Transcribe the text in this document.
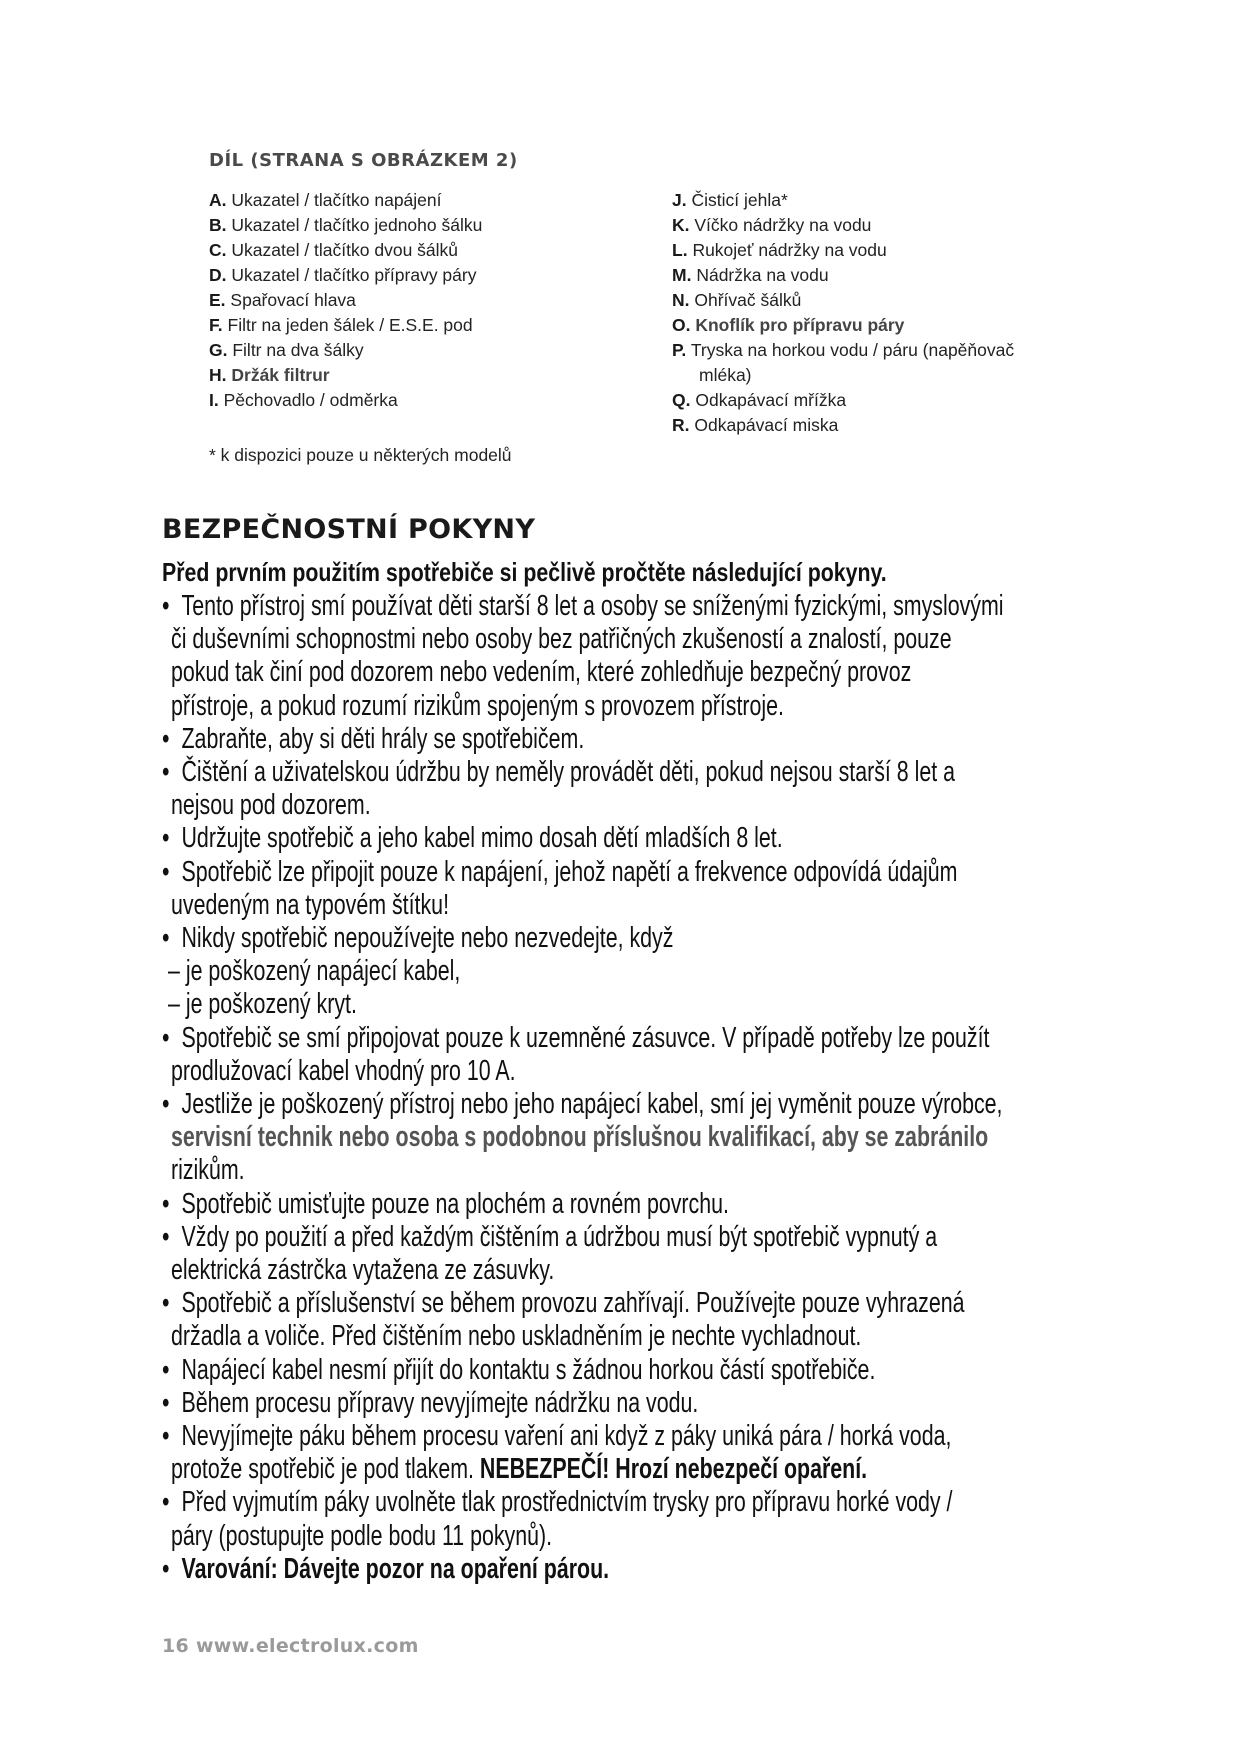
DÍL (STRANA S OBRÁZKEM 2)
A. Ukazatel / tlačítko napájení
B. Ukazatel / tlačítko jednoho šálku
C. Ukazatel / tlačítko dvou šálků
D. Ukazatel / tlačítko přípravy páry
E. Spařovací hlava
F. Filtr na jeden šálek / E.S.E. pod
G. Filtr na dva šálky
H. Držák filtrur
I. Pěchovadlo / odměrka
J. Čisticí jehla*
K. Víčko nádržky na vodu
L. Rukojeť nádržky na vodu
M. Nádržka na vodu
N. Ohřívač šálků
O. Knoflík pro přípravu páry
P. Tryska na horkou vodu / páru (napěňovač
mléka)
Q. Odkapávací mřížka
R. Odkapávací miska
* k dispozici pouze u některých modelů
BEZPEČNOSTNÍ POKYNY
Před prvním použitím spotřebiče si pečlivě pročtěte následující pokyny.
• Tento přístroj smí používat děti starší 8 let a osoby se sníženými fyzickými, smyslovými
či duševními schopnostmi nebo osoby bez patřičných zkušeností a znalostí, pouze
pokud tak činí pod dozorem nebo vedením, které zohledňuje bezpečný provoz
přístroje, a pokud rozumí rizikům spojeným s provozem přístroje.
• Zabraňte, aby si děti hrály se spotřebičem.
• Čištění a uživatelskou údržbu by neměly provádět děti, pokud nejsou starší 8 let a
nejsou pod dozorem.
• Udržujte spotřebič a jeho kabel mimo dosah dětí mladších 8 let.
• Spotřebič lze připojit pouze k napájení, jehož napětí a frekvence odpovídá údajům
uvedeným na typovém štítku!
• Nikdy spotřebič nepoužívejte nebo nezvedejte, když
– je poškozený napájecí kabel,
– je poškozený kryt.
• Spotřebič se smí připojovat pouze k uzemněné zásuvce. V případě potřeby lze použít
prodlužovací kabel vhodný pro 10 A.
• Jestliže je poškozený přístroj nebo jeho napájecí kabel, smí jej vyměnit pouze výrobce,
servisní technik nebo osoba s podobnou příslušnou kvalifikací, aby se zabránilo
rizikům.
• Spotřebič umisťujte pouze na plochém a rovném povrchu.
• Vždy po použití a před každým čištěním a údržbou musí být spotřebič vypnutý a
elektrická zástrčka vytažena ze zásuvky.
• Spotřebič a příslušenství se během provozu zahřívají. Používejte pouze vyhrazená
držadla a voliče. Před čištěním nebo uskladněním je nechte vychladnout.
• Napájecí kabel nesmí přijít do kontaktu s žádnou horkou částí spotřebiče.
• Během procesu přípravy nevyjímejte nádržku na vodu.
• Nevyjímejte páku během procesu vaření ani když z páky uniká pára / horká voda,
protože spotřebič je pod tlakem. NEBEZPEČÍ! Hrozí nebezpečí opaření.
• Před vyjmutím páky uvolněte tlak prostřednictvím trysky pro přípravu horké vody /
páry (postupujte podle bodu 11 pokynů).
• Varování: Dávejte pozor na opaření párou.
16 www.electrolux.com
